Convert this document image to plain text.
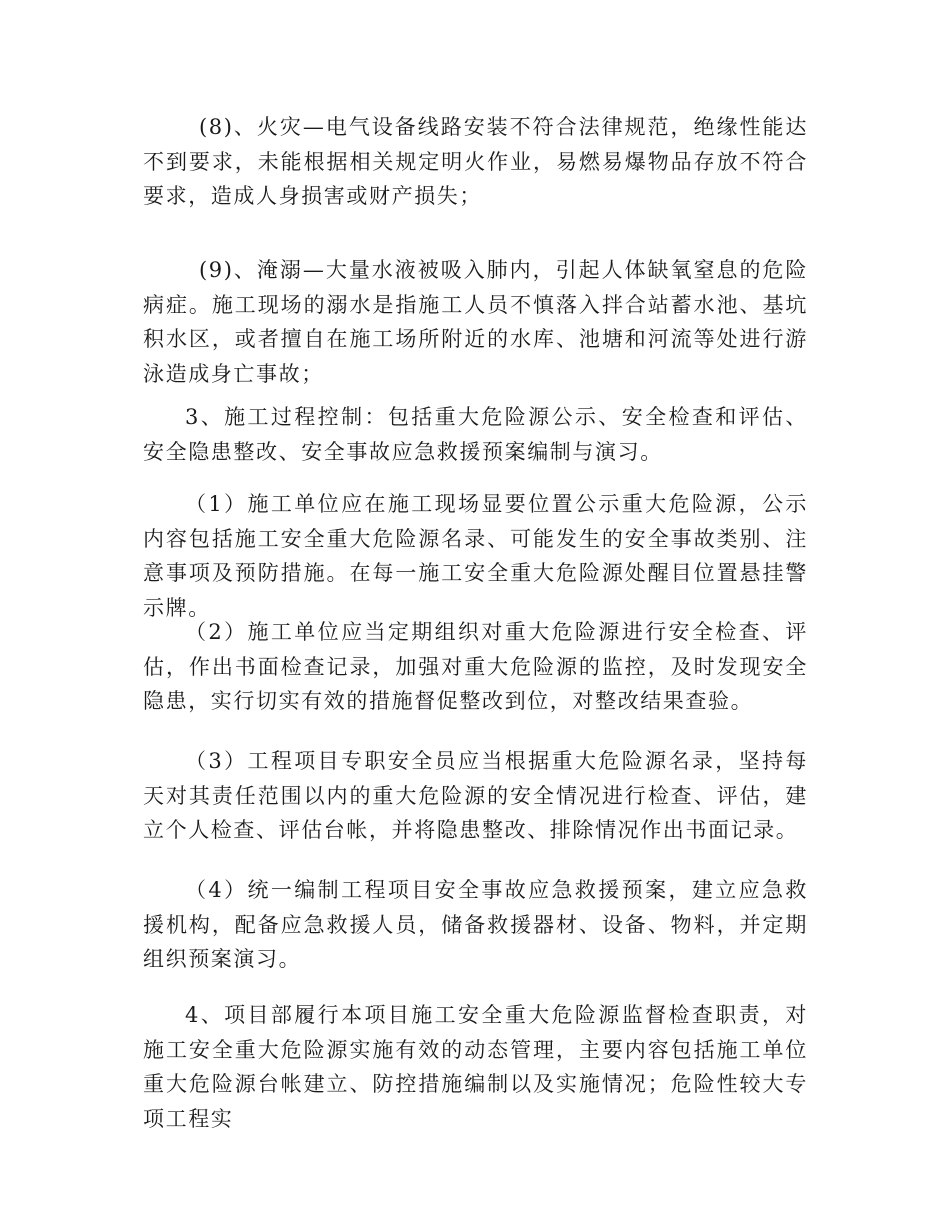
(8)、火灾—电气设备线路安装不符合法律规范，绝缘性能达不到要求，未能根据相关规定明火作业，易燃易爆物品存放不符合要求，造成人身损害或财产损失；

(9)、淹溺—大量水液被吸入肺内，引起人体缺氧窒息的危险病症。施工现场的溺水是指施工人员不慎落入拌合站蓄水池、基坑积水区，或者擅自在施工场所附近的水库、池塘和河流等处进行游泳造成身亡事故；

3、施工过程控制：包括重大危险源公示、安全检查和评估、安全隐患整改、安全事故应急救援预案编制与演习。

（1）施工单位应在施工现场显要位置公示重大危险源，公示内容包括施工安全重大危险源名录、可能发生的安全事故类别、注意事项及预防措施。在每一施工安全重大危险源处醒目位置悬挂警示牌。

（2）施工单位应当定期组织对重大危险源进行安全检查、评估，作出书面检查记录，加强对重大危险源的监控，及时发现安全隐患，实行切实有效的措施督促整改到位，对整改结果查验。

（3）工程项目专职安全员应当根据重大危险源名录，坚持每天对其责任范围以内的重大危险源的安全情况进行检查、评估，建立个人检查、评估台帐，并将隐患整改、排除情况作出书面记录。

（4）统一编制工程项目安全事故应急救援预案，建立应急救援机构，配备应急救援人员，储备救援器材、设备、物料，并定期组织预案演习。

4、项目部履行本项目施工安全重大危险源监督检查职责，对施工安全重大危险源实施有效的动态管理，主要内容包括施工单位重大危险源台帐建立、防控措施编制以及实施情况；危险性较大专项工程实
